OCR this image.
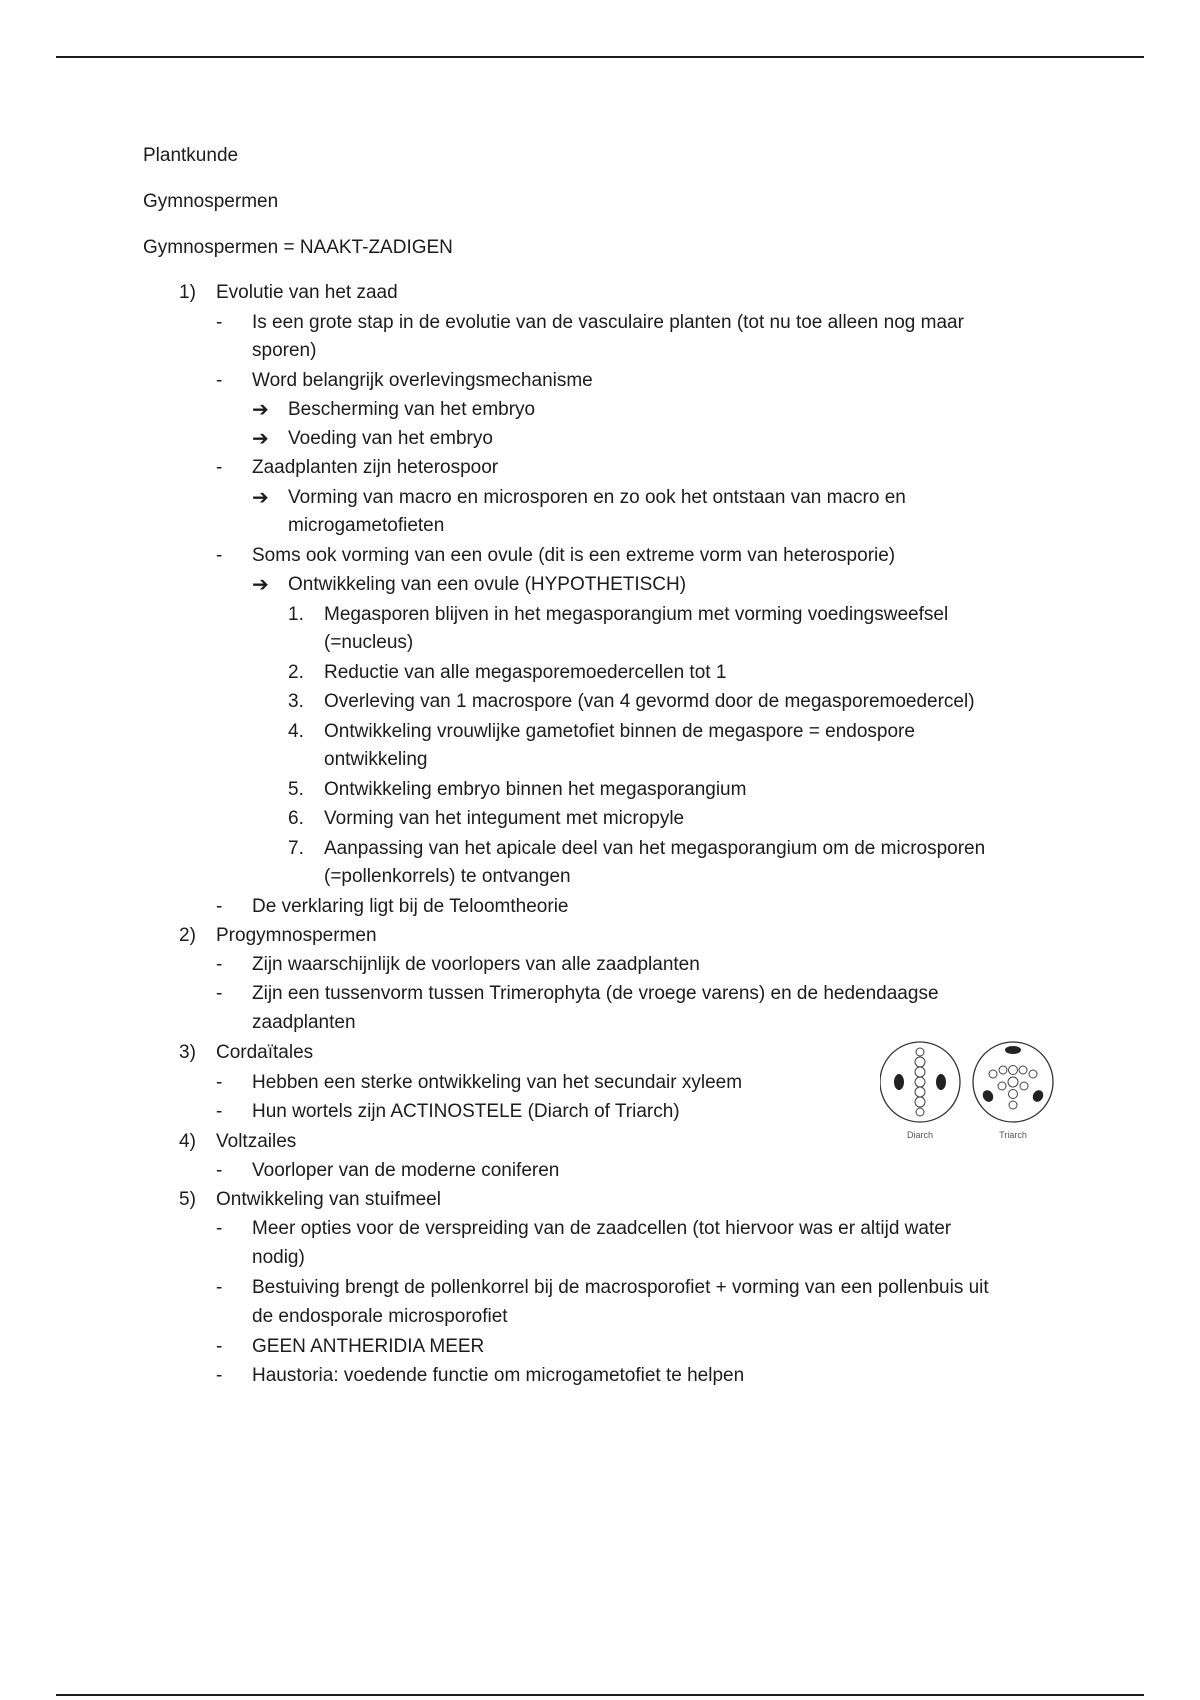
Plantkunde
Gymnospermen
Gymnospermen = NAAKT-ZADIGEN
1) Evolutie van het zaad
- Is een grote stap in de evolutie van de vasculaire planten (tot nu toe alleen nog maar
sporen)
- Word belangrijk overlevingsmechanisme
➔ Bescherming van het embryo
➔ Voeding van het embryo
- Zaadplanten zijn heterospoor
➔ Vorming van macro en microsporen en zo ook het ontstaan van macro en
microgametofieten
- Soms ook vorming van een ovule (dit is een extreme vorm van heterosporie)
➔ Ontwikkeling van een ovule (HYPOTHETISCH)
1. Megasporen blijven in het megasporangium met vorming voedingsweefsel
(=nucleus)
2. Reductie van alle megasporemoedercellen tot 1
3. Overleving van 1 macrospore (van 4 gevormd door de megasporemoedercel)
4. Ontwikkeling vrouwlijke gametofiet binnen de megaspore = endospore
ontwikkeling
5. Ontwikkeling embryo binnen het megasporangium
6. Vorming van het integument met micropyle
7. Aanpassing van het apicale deel van het megasporangium om de microsporen
(=pollenkorrels) te ontvangen
- De verklaring ligt bij de Teloomtheorie
2) Progymnospermen
- Zijn waarschijnlijk de voorlopers van alle zaadplanten
- Zijn een tussenvorm tussen Trimerophyta (de vroege varens) en de hedendaagse
zaadplanten
3) Cordaïtales
- Hebben een sterke ontwikkeling van het secundair xyleem
- Hun wortels zijn ACTINOSTELE (Diarch of Triarch)
4) Voltzailes
- Voorloper van de moderne coniferen
5) Ontwikkeling van stuifmeel
- Meer opties voor de verspreiding van de zaadcellen (tot hiervoor was er altijd water
nodig)
- Bestuiving brengt de pollenkorrel bij de macrosporofiet + vorming van een pollenbuis uit
de endosporale microsporofiet
- GEEN ANTHERIDIA MEER
- Haustoria: voedende functie om microgametofiet te helpen
Diarch	Triarch
